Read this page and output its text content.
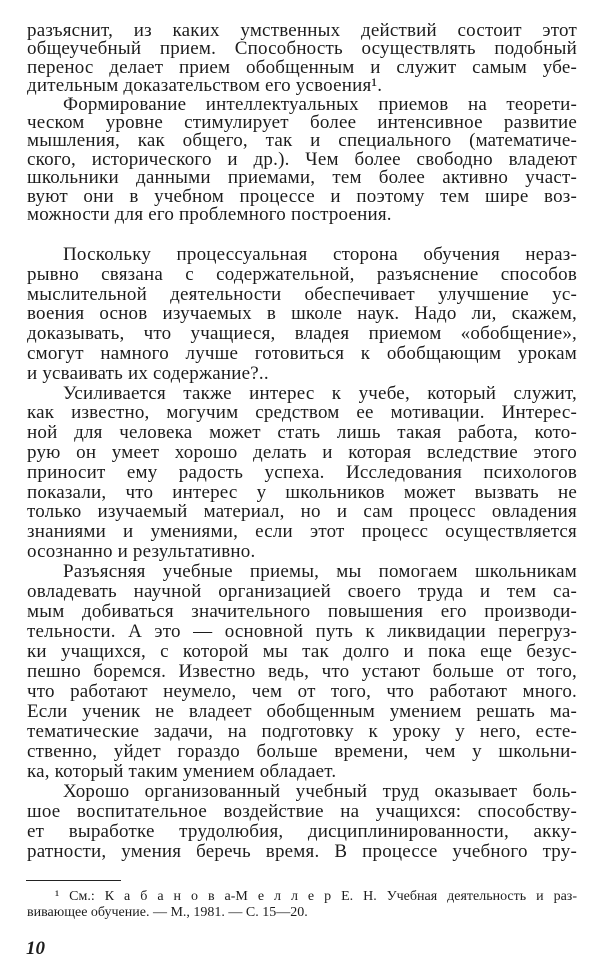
разъяснит, из каких умственных действий состоит этот
общеучебный прием. Способность осуществлять подобный
перенос делает прием обобщенным и служит самым убе-
дительным доказательством его усвоения¹.
Формирование интеллектуальных приемов на теорети-
ческом уровне стимулирует более интенсивное развитие
мышления, как общего, так и специального (математиче-
ского, исторического и др.). Чем более свободно владеют
школьники данными приемами, тем более активно участ-
вуют они в учебном процессе и поэтому тем шире воз-
можности для его проблемного построения.
Поскольку процессуальная сторона обучения нераз-
рывно связана с содержательной, разъяснение способов
мыслительной деятельности обеспечивает улучшение ус-
воения основ изучаемых в школе наук. Надо ли, скажем,
доказывать, что учащиеся, владея приемом «обобщение»,
смогут намного лучше готовиться к обобщающим урокам
и усваивать их содержание?..
Усиливается также интерес к учебе, который служит,
как известно, могучим средством ее мотивации. Интерес-
ной для человека может стать лишь такая работа, кото-
рую он умеет хорошо делать и которая вследствие этого
приносит ему радость успеха. Исследования психологов
показали, что интерес у школьников может вызвать не
только изучаемый материал, но и сам процесс овладения
знаниями и умениями, если этот процесс осуществляется
осознанно и результативно.
Разъясняя учебные приемы, мы помогаем школьникам
овладевать научной организацией своего труда и тем са-
мым добиваться значительного повышения его производи-
тельности. А это — основной путь к ликвидации перегруз-
ки учащихся, с которой мы так долго и пока еще безус-
пешно боремся. Известно ведь, что устают больше от того,
что работают неумело, чем от того, что работают много.
Если ученик не владеет обобщенным умением решать ма-
тематические задачи, на подготовку к уроку у него, есте-
ственно, уйдет гораздо больше времени, чем у школьни-
ка, который таким умением обладает.
Хорошо организованный учебный труд оказывает боль-
шое воспитательное воздействие на учащихся: способству-
ет выработке трудолюбия, дисциплинированности, акку-
ратности, умения беречь время. В процессе учебного тру-
¹ См.: К а б а н о в а-М е л л е р Е. Н. Учебная деятельность и раз-
вивающее обучение. — М., 1981. — С. 15—20.
10
